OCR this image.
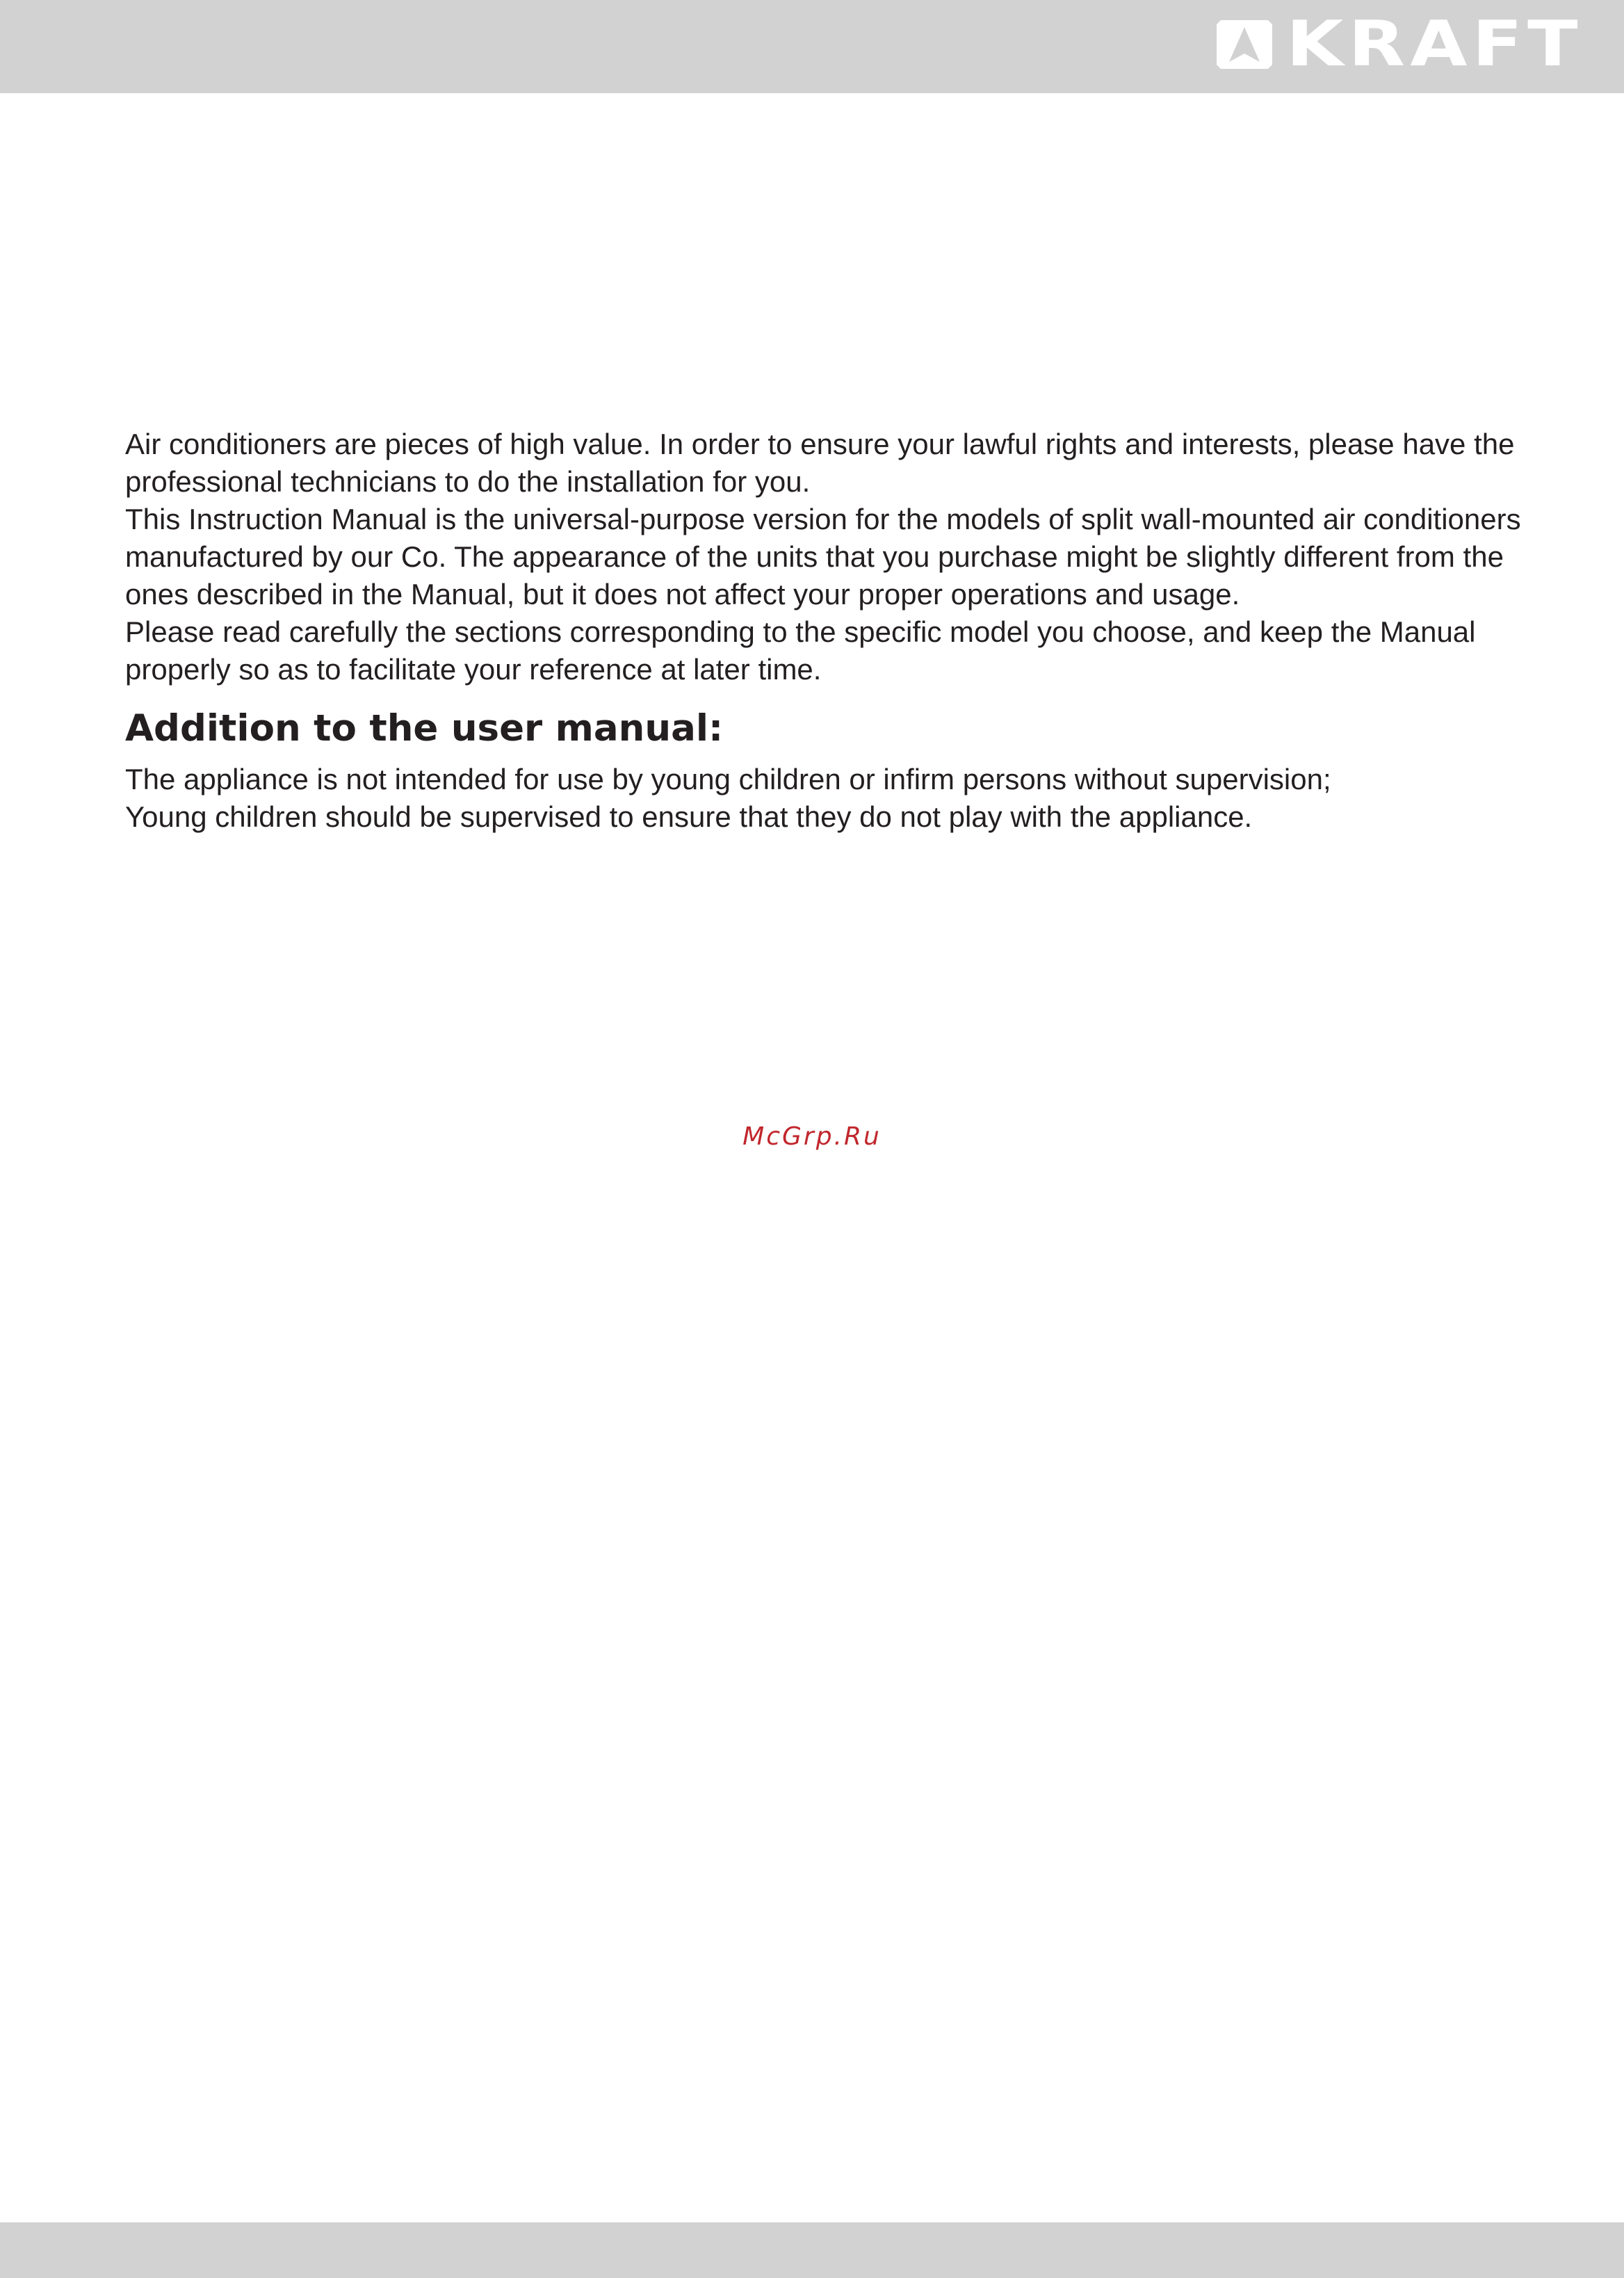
KRAFT

Air conditioners are pieces of high value. In order to ensure your lawful rights and interests, please have the professional technicians to do the installation for you.

This Instruction Manual is the universal-purpose version for the models of split wall-mounted air conditioners manufactured by our Co. The appearance of the units that you purchase might be slightly different from the ones described in the Manual, but it does not affect your proper operations and usage.

Please read carefully the sections corresponding to the specific model you choose, and keep the Manual properly so as to facilitate your reference at later time.

Addition to the user manual:

The appliance is not intended for use by young children or infirm persons without supervision;

Young children should be supervised to ensure that they do not play with the appliance.

McGrp.Ru
